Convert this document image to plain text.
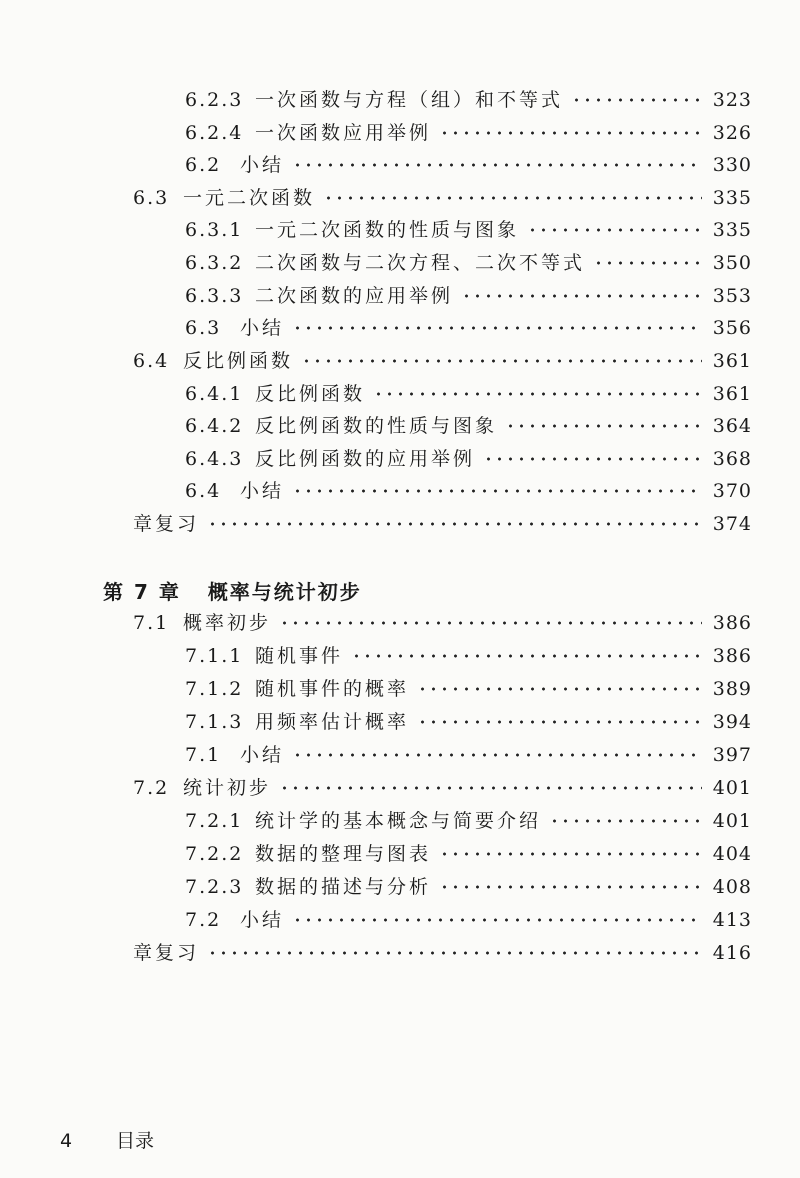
6.2.3 一次函数与方程（组）和不等式	323
6.2.4 一次函数应用举例	326
6.2 小结	330
6.3 一元二次函数	335
6.3.1 一元二次函数的性质与图象	335
6.3.2 二次函数与二次方程、二次不等式	350
6.3.3 二次函数的应用举例	353
6.3 小结	356
6.4 反比例函数	361
6.4.1 反比例函数	361
6.4.2 反比例函数的性质与图象	364
6.4.3 反比例函数的应用举例	368
6.4 小结	370
章复习	374
第 7 章 概率与统计初步
7.1 概率初步	386
7.1.1 随机事件	386
7.1.2 随机事件的概率	389
7.1.3 用频率估计概率	394
7.1 小结	397
7.2 统计初步	401
7.2.1 统计学的基本概念与简要介绍	401
7.2.2 数据的整理与图表	404
7.2.3 数据的描述与分析	408
7.2 小结	413
章复习	416
4 目录
